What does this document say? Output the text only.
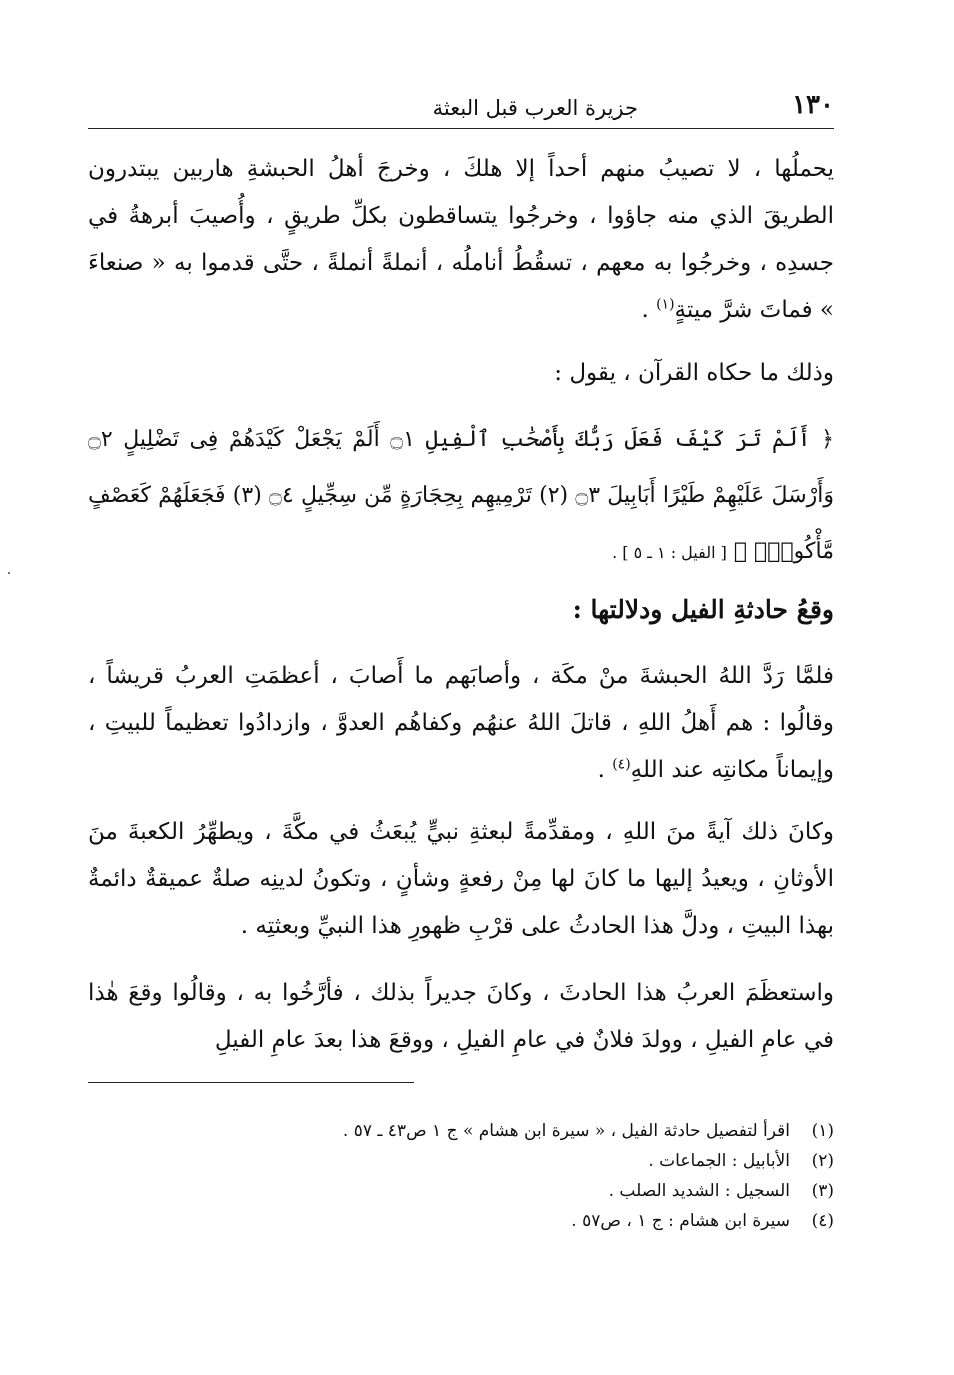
١٣٠
جزيرة العرب قبل البعثة

يحملُها ، لا تصيبُ منهم أحداً إلا هلكَ ، وخرجَ أهلُ الحبشةِ هاربين يبتدرون الطريقَ الذي منه جاؤوا ، وخرجُوا يتساقطون بكلِّ طريقٍ ، وأُصيبَ أبرهةُ في جسدِه ، وخرجُوا به معهم ، تسقُطُ أناملُه ، أنملةً أنملةً ، حتَّى قدموا به « صنعاءَ » فماتَ شرَّ ميتةٍ$^{(١)}$ .

وذلك ما حكاه القرآن ، يقول :

﴿ أَلَمْ تَرَ كَيْفَ فَعَلَ رَبُّكَ بِأَصْحَٰبِ ٱلْفِيلِ ۝١ أَلَمْ يَجْعَلْ كَيْدَهُمْ فِى تَضْلِيلٍ ۝٢ وَأَرْسَلَ عَلَيْهِمْ طَيْرًا أَبَابِيلَ ۝٣ (٢) تَرْمِيهِم بِحِجَارَةٍ مِّن سِجِّيلٍ ۝٤ (٣) فَجَعَلَهُمْ كَعَصْفٍ مَّأْكُولٍۭ ﴾ [ الفيل : ١ ـ ٥ ] .

وقعُ حادثةِ الفيل ودلالتها :

فلمَّا رَدَّ اللهُ الحبشةَ منْ مكَة ، وأصابَهم ما أَصابَ ، أعظمَتِ العربُ قريشاً ، وقالُوا : هم أَهلُ اللهِ ، قاتلَ اللهُ عنهُم وكفاهُم العدوَّ ، وازدادُوا تعظيماً للبيتِ ، وإيماناً مكانتِه عند اللهِ$^{(٤)}$ .

وكانَ ذلك آيةً منَ اللهِ ، ومقدِّمةً لبعثةِ نبيٍّ يُبعَثُ في مكَّةَ ، ويطهِّرُ الكعبةَ منَ الأوثانِ ، ويعيدُ إليها ما كانَ لها مِنْ رفعةٍ وشأنٍ ، وتكونُ لدينِه صلةٌ عميقةٌ دائمةٌ بهذا البيتِ ، ودلَّ هذا الحادثُ على قرْبِ ظهورِ هذا النبيِّ وبعثتِه .

واستعظَمَ العربُ هذا الحادثَ ، وكانَ جديراً بذلك ، فأرَّخُوا به ، وقالُوا وقعَ هٰذا في عامِ الفيلِ ، وولدَ فلانٌ في عامِ الفيلِ ، ووقعَ هذا بعدَ عامِ الفيلِ

(١)اقرأ لتفصيل حادثة الفيل ، « سيرة ابن هشام » ج ١ ص٤٣ ـ ٥٧ .
(٢)الأبابيل : الجماعات .
(٣)السجيل : الشديد الصلب .
(٤)سيرة ابن هشام : ج ١ ، ص٥٧ .
